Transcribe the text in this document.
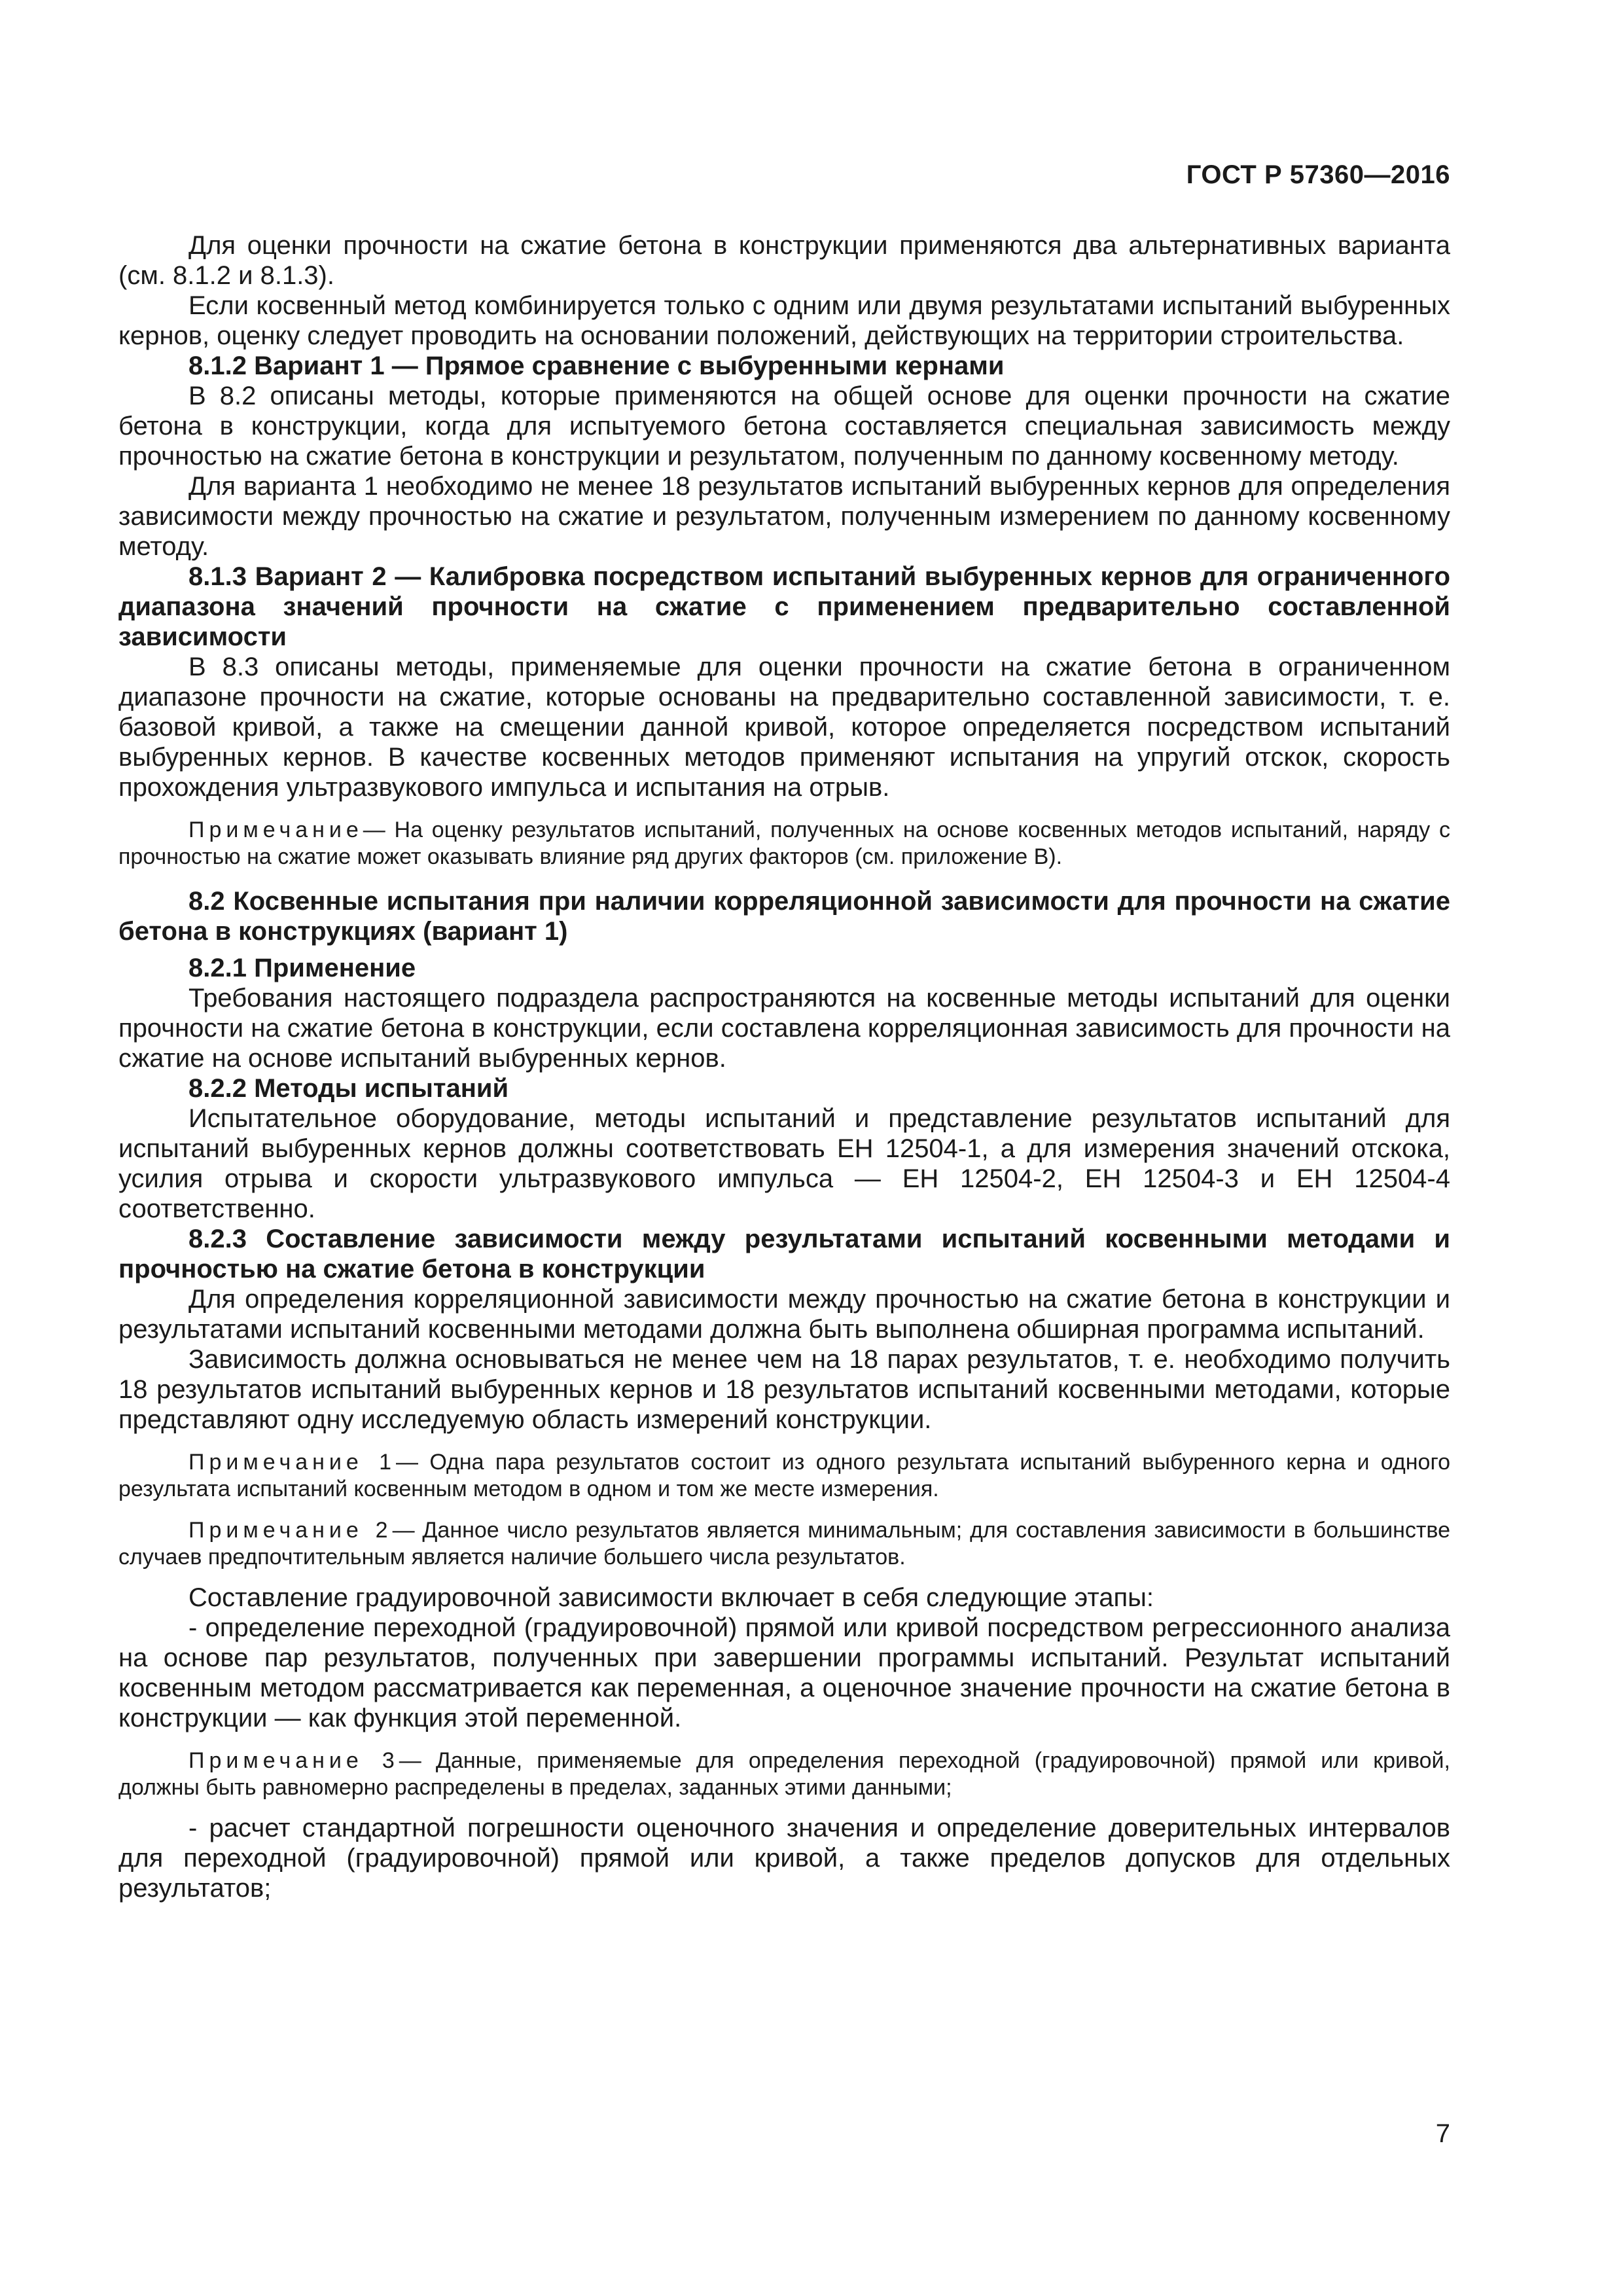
ГОСТ Р 57360—2016

Для оценки прочности на сжатие бетона в конструкции применяются два альтернативных варианта (см. 8.1.2 и 8.1.3).

Если косвенный метод комбинируется только с одним или двумя результатами испытаний выбуренных кернов, оценку следует проводить на основании положений, действующих на территории строительства.

8.1.2 Вариант 1 — Прямое сравнение с выбуренными кернами

В 8.2 описаны методы, которые применяются на общей основе для оценки прочности на сжатие бетона в конструкции, когда для испытуемого бетона составляется специальная зависимость между прочностью на сжатие бетона в конструкции и результатом, полученным по данному косвенному методу.

Для варианта 1 необходимо не менее 18 результатов испытаний выбуренных кернов для определения зависимости между прочностью на сжатие и результатом, полученным измерением по данному косвенному методу.

8.1.3 Вариант 2 — Калибровка посредством испытаний выбуренных кернов для ограниченного диапазона значений прочности на сжатие с применением предварительно составленной зависимости

В 8.3 описаны методы, применяемые для оценки прочности на сжатие бетона в ограниченном диапазоне прочности на сжатие, которые основаны на предварительно составленной зависимости, т. е. базовой кривой, а также на смещении данной кривой, которое определяется посредством испытаний выбуренных кернов. В качестве косвенных методов применяют испытания на упругий отскок, скорость прохождения ультразвукового импульса и испытания на отрыв.

Примечание— На оценку результатов испытаний, полученных на основе косвенных методов испытаний, наряду с прочностью на сжатие может оказывать влияние ряд других факторов (см. приложение В).

8.2 Косвенные испытания при наличии корреляционной зависимости для прочности на сжатие бетона в конструкциях (вариант 1)

8.2.1 Применение

Требования настоящего подраздела распространяются на косвенные методы испытаний для оценки прочности на сжатие бетона в конструкции, если составлена корреляционная зависимость для прочности на сжатие на основе испытаний выбуренных кернов.

8.2.2 Методы испытаний

Испытательное оборудование, методы испытаний и представление результатов испытаний для испытаний выбуренных кернов должны соответствовать ЕН 12504-1, а для измерения значений отскока, усилия отрыва и скорости ультразвукового импульса — ЕН 12504-2, ЕН 12504-3 и ЕН 12504-4 соответственно.

8.2.3 Составление зависимости между результатами испытаний косвенными методами и прочностью на сжатие бетона в конструкции

Для определения корреляционной зависимости между прочностью на сжатие бетона в конструкции и результатами испытаний косвенными методами должна быть выполнена обширная программа испытаний.

Зависимость должна основываться не менее чем на 18 парах результатов, т. е. необходимо получить 18 результатов испытаний выбуренных кернов и 18 результатов испытаний косвенными методами, которые представляют одну исследуемую область измерений конструкции.

Примечание 1— Одна пара результатов состоит из одного результата испытаний выбуренного керна и одного результата испытаний косвенным методом в одном и том же месте измерения.

Примечание 2— Данное число результатов является минимальным; для составления зависимости в большинстве случаев предпочтительным является наличие большего числа результатов.

Составление градуировочной зависимости включает в себя следующие этапы:

- определение переходной (градуировочной) прямой или кривой посредством регрессионного анализа на основе пар результатов, полученных при завершении программы испытаний. Результат испытаний косвенным методом рассматривается как переменная, а оценочное значение прочности на сжатие бетона в конструкции — как функция этой переменной.

Примечание 3— Данные, применяемые для определения переходной (градуировочной) прямой или кривой, должны быть равномерно распределены в пределах, заданных этими данными;

- расчет стандартной погрешности оценочного значения и определение доверительных интервалов для переходной (градуировочной) прямой или кривой, а также пределов допусков для отдельных результатов;

7
